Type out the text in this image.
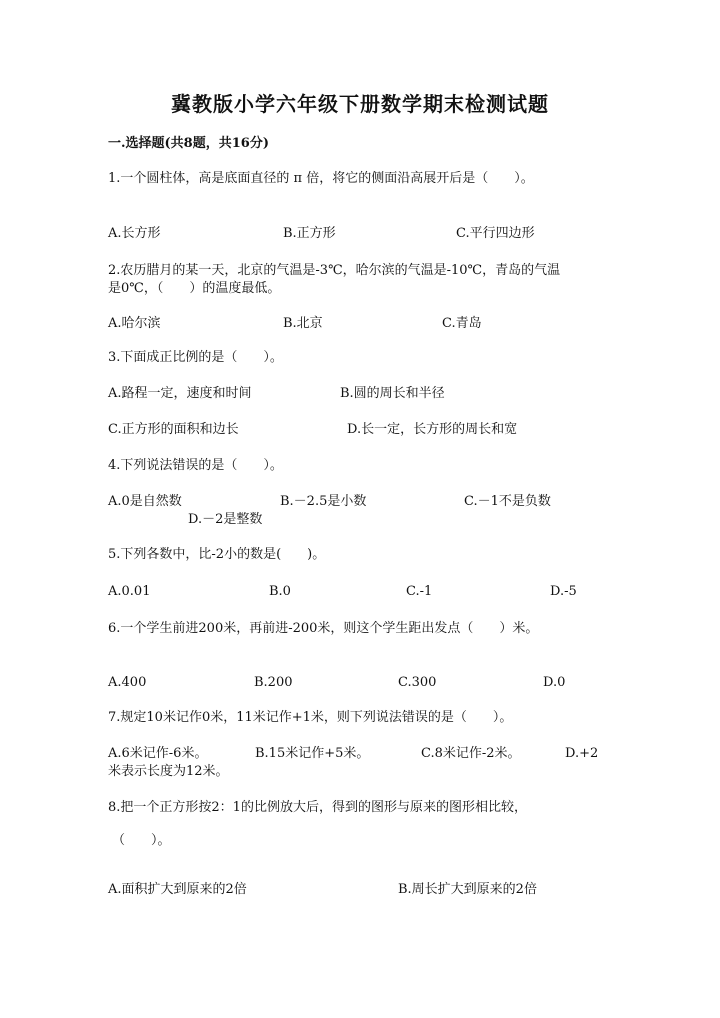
冀教版小学六年级下册数学期末检测试题
一.选择题(共8题，共16分)
1.一个圆柱体，高是底面直径的 π 倍，将它的侧面沿高展开后是（　　）。
A.长方形	B.正方形	C.平行四边形
2.农历腊月的某一天，北京的气温是-3℃，哈尔滨的气温是-10℃，青岛的气温
是0℃，（　　）的温度最低。
A.哈尔滨	B.北京	C.青岛
3.下面成正比例的是（　　）。
A.路程一定，速度和时间	B.圆的周长和半径
C.正方形的面积和边长	D.长一定，长方形的周长和宽
4.下列说法错误的是（　　）。
A.0是自然数	B.－2.5是小数	C.－1不是负数
D.－2是整数
5.下列各数中，比-2小的数是(　　)。
A.0.01	B.0	C.-1	D.-5
6.一个学生前进200米，再前进-200米，则这个学生距出发点（　　）米。
A.400	B.200	C.300	D.0
7.规定10米记作0米，11米记作+1米，则下列说法错误的是（　　）。
A.6米记作-6米。	B.15米记作+5米。	C.8米记作-2米。	D.+2
米表示长度为12米。
8.把一个正方形按2：1的比例放大后，得到的图形与原来的图形相比较，
（　　）。
A.面积扩大到原来的2倍	B.周长扩大到原来的2倍
